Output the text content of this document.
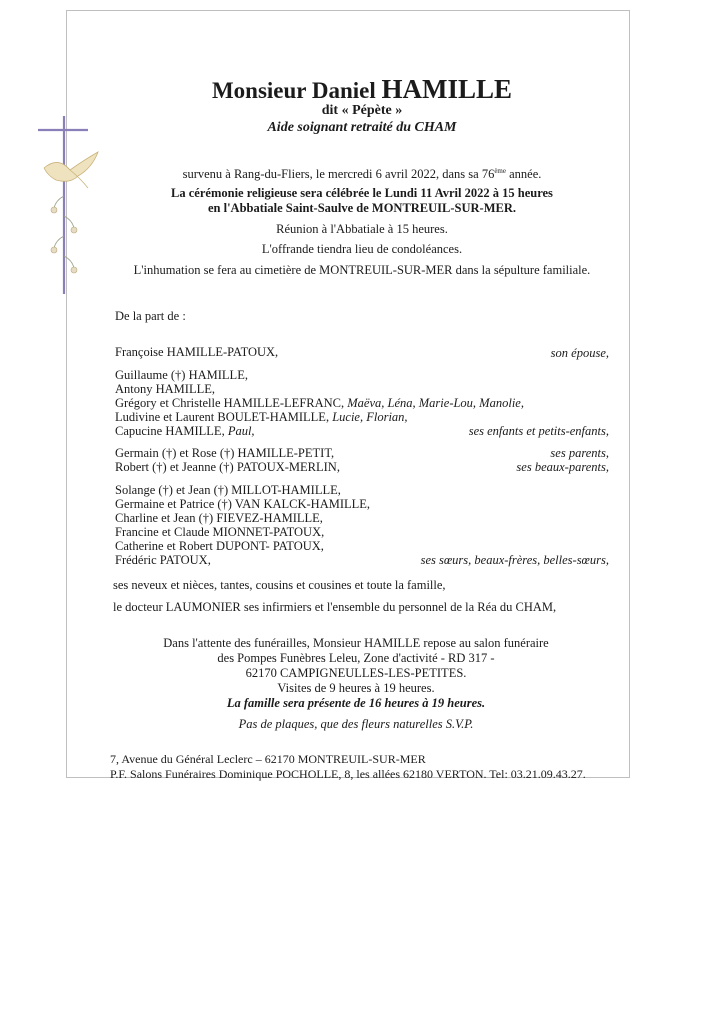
Monsieur Daniel HAMILLE
dit « Pépète »
Aide soignant retraité du CHAM
survenu à Rang-du-Fliers, le mercredi 6 avril 2022, dans sa 76ème année.
La cérémonie religieuse sera célébrée le Lundi 11 Avril 2022 à 15 heures
en l'Abbatiale Saint-Saulve de MONTREUIL-SUR-MER.
Réunion à l'Abbatiale à 15 heures.
L'offrande tiendra lieu de condoléances.
L'inhumation se fera au cimetière de MONTREUIL-SUR-MER dans la sépulture familiale.
De la part de :
Françoise HAMILLE-PATOUX,	son épouse,
Guillaume (†) HAMILLE,
Antony HAMILLE,
Grégory et Christelle HAMILLE-LEFRANC, Maëva, Léna, Marie-Lou, Manolie,
Ludivine et Laurent BOULET-HAMILLE, Lucie, Florian,
Capucine HAMILLE, Paul,	ses enfants et petits-enfants,
Germain (†) et Rose (†) HAMILLE-PETIT,	ses parents,
Robert (†) et Jeanne (†) PATOUX-MERLIN,	ses beaux-parents,
Solange (†) et Jean (†) MILLOT-HAMILLE,
Germaine et Patrice (†) VAN KALCK-HAMILLE,
Charline et Jean (†) FIEVEZ-HAMILLE,
Francine et Claude MIONNET-PATOUX,
Catherine et Robert DUPONT- PATOUX,
Frédéric PATOUX,	ses sœurs, beaux-frères, belles-sœurs,
ses neveux et nièces, tantes, cousins et cousines et toute la famille,
le docteur LAUMONIER ses infirmiers et l'ensemble du personnel de la Réa du CHAM,
Dans l'attente des funérailles, Monsieur HAMILLE repose au salon funéraire
des Pompes Funèbres Leleu, Zone d'activité - RD 317 -
62170 CAMPIGNEULLES-LES-PETITES.
Visites de 9 heures à 19 heures.
La famille sera présente de 16 heures à 19 heures.
Pas de plaques, que des fleurs naturelles S.V.P.
7, Avenue du Général Leclerc – 62170 MONTREUIL-SUR-MER
P.F. Salons Funéraires Dominique POCHOLLE, 8, les allées 62180 VERTON. Tel: 03.21.09.43.27.
